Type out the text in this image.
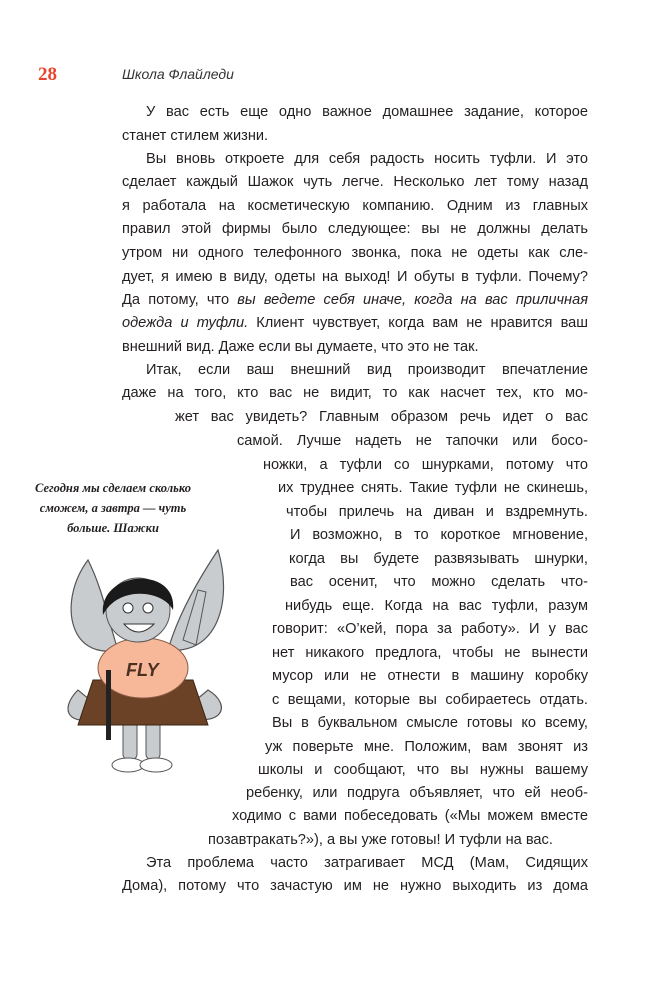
28	Школа Флайледи
У вас есть еще одно важное домашнее задание, которое
станет стилем жизни.
Вы вновь откроете для себя радость носить туфли. И это
сделает каждый Шажок чуть легче. Несколько лет тому назад
я работала на косметическую компанию. Одним из главных
правил этой фирмы было следующее: вы не должны делать
утром ни одного телефонного звонка, пока не одеты как сле-
дует, я имею в виду, одеты на выход! И обуты в туфли. Почему?
Да потому, что вы ведете себя иначе, когда на вас приличная
одежда и туфли. Клиент чувствует, когда вам не нравится ваш
внешний вид. Даже если вы думаете, что это не так.
Итак, если ваш внешний вид производит впечатление
даже на того, кто вас не видит, то как насчет тех, кто мо-
жет вас увидеть? Главным образом речь идет о вас
самой. Лучше надеть не тапочки или босо-
ножки, а туфли со шнурками, потому что
их труднее снять. Такие туфли не скинешь,
чтобы прилечь на диван и вздремнуть.
И возможно, в то короткое мгновение,
когда вы будете развязывать шнурки,
вас осенит, что можно сделать что-
нибудь еще. Когда на вас туфли, разум
говорит: «О’кей, пора за работу». И у вас
нет никакого предлога, чтобы не вынести
мусор или не отнести в машину коробку
с вещами, которые вы собираетесь отдать.
Вы в буквальном смысле готовы ко всему,
уж поверьте мне. Положим, вам звонят из
школы и сообщают, что вы нужны вашему
ребенку, или подруга объявляет, что ей необ-
ходимо с вами побеседовать («Мы можем вместе
позавтракать?»), а вы уже готовы! И туфли на вас.
Эта проблема часто затрагивает МСД (Мам, Сидящих
Дома), потому что зачастую им не нужно выходить из дома
Сегодня мы сделаем сколько
сможем, а завтра — чуть
больше. Шажки
FLY
